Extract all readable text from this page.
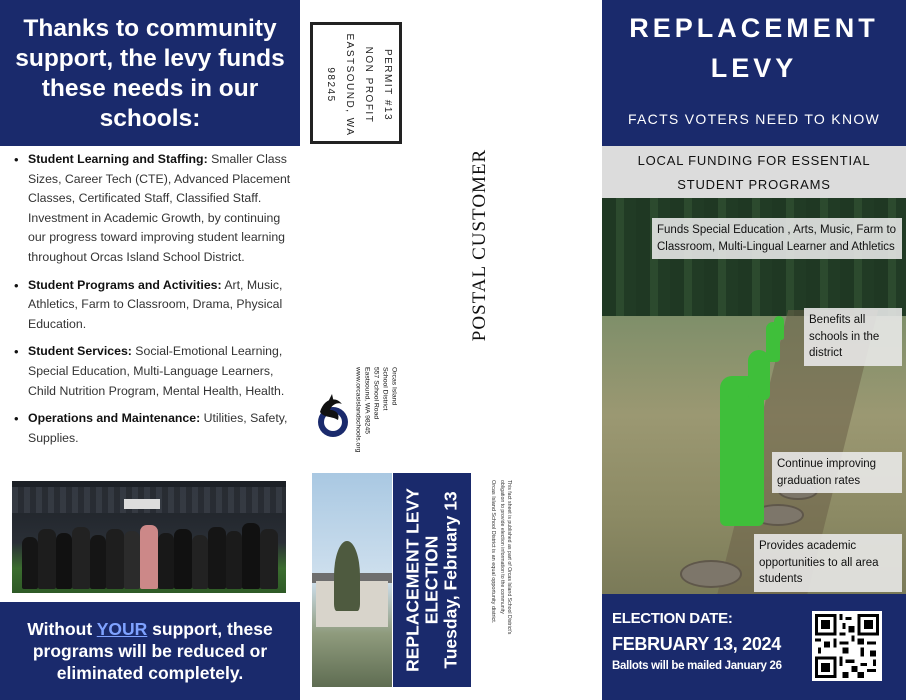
Thanks to community support, the levy funds these needs in our schools:
• Student Learning and Staffing: Smaller Class Sizes, Career Tech (CTE), Advanced Placement Classes, Certificated Staff, Classified Staff. Investment in Academic Growth, by continuing our progress toward improving student learning throughout Orcas Island School District.
• Student Programs and Activities: Art, Music, Athletics, Farm to Classroom, Drama, Physical Education.
• Student Services: Social-Emotional Learning, Special Education, Multi-Language Learners, Child Nutrition Program, Mental Health, Health.
• Operations and Maintenance: Utilities, Safety, Supplies.
Without YOUR support, these programs will be reduced or eliminated completely.
PERMIT #13
NON PROFIT
EASTSOUND, WA
98245
POSTAL CUSTOMER
Orcas Island
School District
557 School Road
Eastsound, WA 98245
www.orcasislandschools.org
REPLACEMENT LEVY ELECTION Tuesday, February 13	Orcas Island School District is an equal opportunity district.	This fact sheet is published as part of Orcas Island School District's obligation to provide election information to the community
REPLACEMENT
LEVY
FACTS VOTERS NEED TO KNOW
LOCAL FUNDING FOR ESSENTIAL
STUDENT PROGRAMS
Funds Special Education , Arts, Music, Farm to Classroom, Multi-Lingual Learner and Athletics
Benefits all schools in the district
Continue improving graduation rates
Provides academic opportunities to all area students
ELECTION DATE:
FEBRUARY 13, 2024
Ballots will be mailed January 26
